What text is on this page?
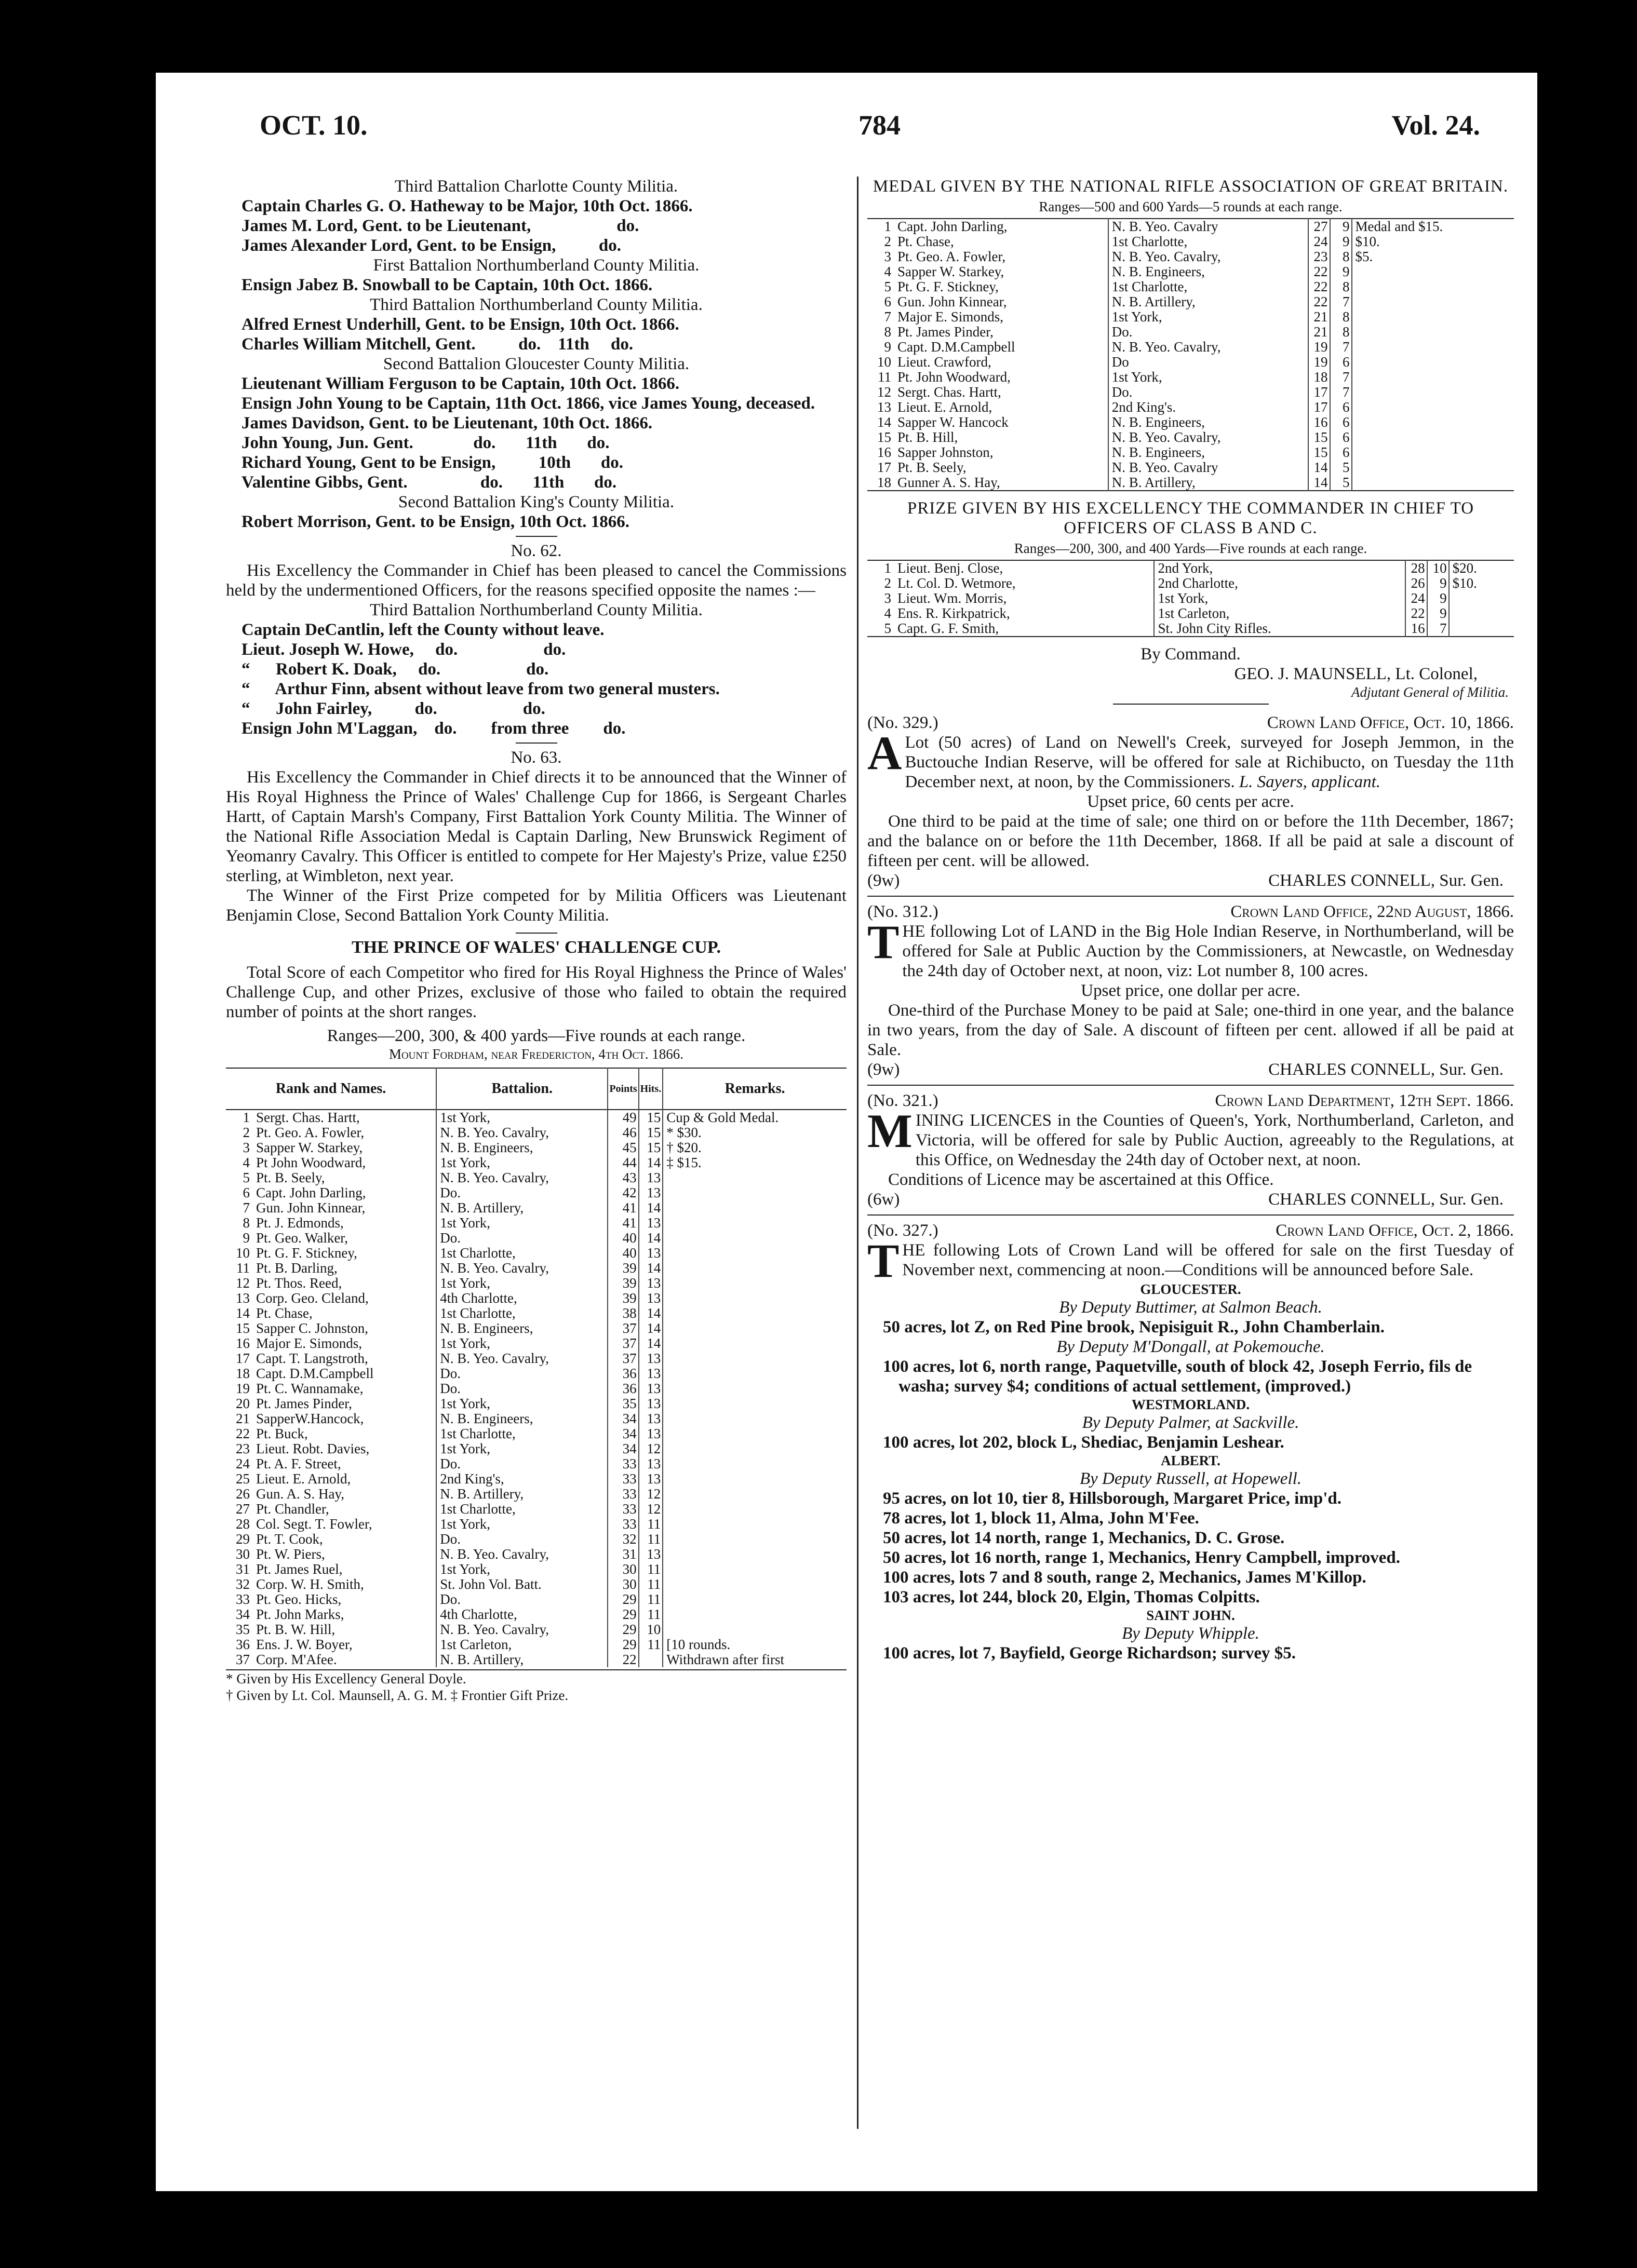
OCT. 10.	784	Vol. 24.

Third Battalion Charlotte County Militia.

Captain Charles G. O. Hatheway to be Major, 10th Oct. 1866.

James M. Lord, Gent. to be Lieutenant,                    do.

James Alexander Lord, Gent. to be Ensign,          do.

First Battalion Northumberland County Militia.

Ensign Jabez B. Snowball to be Captain, 10th Oct. 1866.

Third Battalion Northumberland County Militia.

Alfred Ernest Underhill, Gent. to be Ensign, 10th Oct. 1866.

Charles William Mitchell, Gent.          do.    11th     do.

Second Battalion Gloucester County Militia.

Lieutenant William Ferguson to be Captain, 10th Oct. 1866.

Ensign John Young to be Captain, 11th Oct. 1866, vice James Young, deceased.

James Davidson, Gent. to be Lieutenant, 10th Oct. 1866.

John Young, Jun. Gent.              do.       11th       do.

Richard Young, Gent to be Ensign,          10th       do.

Valentine Gibbs, Gent.                 do.       11th       do.

Second Battalion King's County Militia.

Robert Morrison, Gent. to be Ensign, 10th Oct. 1866.

No. 62.

His Excellency the Commander in Chief has been pleased to cancel the Commissions held by the undermentioned Officers, for the reasons specified opposite the names :—

Third Battalion Northumberland County Militia.

Captain DeCantlin, left the County without leave.

Lieut. Joseph W. Howe,     do.                    do.

“      Robert K. Doak,     do.                    do.

“      Arthur Finn, absent without leave from two general musters.

“      John Fairley,          do.                    do.

Ensign John M'Laggan,    do.        from three        do.

No. 63.

His Excellency the Commander in Chief directs it to be announced that the Winner of His Royal Highness the Prince of Wales' Challenge Cup for 1866, is Sergeant Charles Hartt, of Captain Marsh's Company, First Battalion York County Militia. The Winner of the National Rifle Association Medal is Captain Darling, New Brunswick Regiment of Yeomanry Cavalry. This Officer is entitled to compete for Her Majesty's Prize, value £250 sterling, at Wimbleton, next year.

The Winner of the First Prize competed for by Militia Officers was Lieutenant Benjamin Close, Second Battalion York County Militia.

THE PRINCE OF WALES' CHALLENGE CUP.

Total Score of each Competitor who fired for His Royal Highness the Prince of Wales' Challenge Cup, and other Prizes, exclusive of those who failed to obtain the required number of points at the short ranges.

Ranges—200, 300, & 400 yards—Five rounds at each range.

Mount Fordham, near Fredericton, 4th Oct. 1866.

Rank and Names.		Battalion.	Points	Hits.	Remarks.
1	Sergt. Chas. Hartt,	1st York,	49	15	Cup & Gold Medal.
2	Pt. Geo. A. Fowler,	N. B. Yeo. Cavalry,	46	15	* $30.
3	Sapper W. Starkey,	N. B. Engineers,	45	15	† $20.
4	Pt John Woodward,	1st York,	44	14	‡ $15.
5	Pt. B. Seely,	N. B. Yeo. Cavalry,	43	13	
6	Capt. John Darling,	Do.	42	13	
7	Gun. John Kinnear,	N. B. Artillery,	41	14	
8	Pt. J. Edmonds,	1st York,	41	13	
9	Pt. Geo. Walker,	Do.	40	14	
10	Pt. G. F. Stickney,	1st Charlotte,	40	13	
11	Pt. B. Darling,	N. B. Yeo. Cavalry,	39	14	
12	Pt. Thos. Reed,	1st York,	39	13	
13	Corp. Geo. Cleland,	4th Charlotte,	39	13	
14	Pt. Chase,	1st Charlotte,	38	14	
15	Sapper C. Johnston,	N. B. Engineers,	37	14	
16	Major E. Simonds,	1st York,	37	14	
17	Capt. T. Langstroth,	N. B. Yeo. Cavalry,	37	13	
18	Capt. D.M.Campbell	Do.	36	13	
19	Pt. C. Wannamake,	Do.	36	13	
20	Pt. James Pinder,	1st York,	35	13	
21	SapperW.Hancock,	N. B. Engineers,	34	13	
22	Pt. Buck,	1st Charlotte,	34	13	
23	Lieut. Robt. Davies,	1st York,	34	12	
24	Pt. A. F. Street,	Do.	33	13	
25	Lieut. E. Arnold,	2nd King's,	33	13	
26	Gun. A. S. Hay,	N. B. Artillery,	33	12	
27	Pt. Chandler,	1st Charlotte,	33	12	
28	Col. Segt. T. Fowler,	1st York,	33	11	
29	Pt. T. Cook,	Do.	32	11	
30	Pt. W. Piers,	N. B. Yeo. Cavalry,	31	13	
31	Pt. James Ruel,	1st York,	30	11	
32	Corp. W. H. Smith,	St. John Vol. Batt.	30	11	
33	Pt. Geo. Hicks,	Do.	29	11	
34	Pt. John Marks,	4th Charlotte,	29	11	
35	Pt. B. W. Hill,	N. B. Yeo. Cavalry,	29	10	
36	Ens. J. W. Boyer,	1st Carleton,	29	11	[10 rounds.
37	Corp. M'Afee.	N. B. Artillery,	22		Withdrawn after first

* Given by His Excellency General Doyle.

† Given by Lt. Col. Maunsell, A. G. M. ‡ Frontier Gift Prize.

MEDAL GIVEN BY THE NATIONAL RIFLE ASSOCIATION OF GREAT BRITAIN.

Ranges—500 and 600 Yards—5 rounds at each range.

1	Capt. John Darling,	N. B. Yeo. Cavalry	27	9	Medal and $15.
2	Pt. Chase,	1st Charlotte,	24	9	$10.
3	Pt. Geo. A. Fowler,	N. B. Yeo. Cavalry,	23	8	$5.
4	Sapper W. Starkey,	N. B. Engineers,	22	9	
5	Pt. G. F. Stickney,	1st Charlotte,	22	8	
6	Gun. John Kinnear,	N. B. Artillery,	22	7	
7	Major E. Simonds,	1st York,	21	8	
8	Pt. James Pinder,	Do.	21	8	
9	Capt. D.M.Campbell	N. B. Yeo. Cavalry,	19	7	
10	Lieut. Crawford,	Do	19	6	
11	Pt. John Woodward,	1st York,	18	7	
12	Sergt. Chas. Hartt,	Do.	17	7	
13	Lieut. E. Arnold,	2nd King's.	17	6	
14	Sapper W. Hancock	N. B. Engineers,	16	6	
15	Pt. B. Hill,	N. B. Yeo. Cavalry,	15	6	
16	Sapper Johnston,	N. B. Engineers,	15	6	
17	Pt. B. Seely,	N. B. Yeo. Cavalry	14	5	
18	Gunner A. S. Hay,	N. B. Artillery,	14	5	

PRIZE GIVEN BY HIS EXCELLENCY THE COMMANDER IN CHIEF TO OFFICERS OF CLASS B AND C.

Ranges—200, 300, and 400 Yards—Five rounds at each range.

1	Lieut. Benj. Close,	2nd York,	28	10	$20.
2	Lt. Col. D. Wetmore,	2nd Charlotte,	26	9	$10.
3	Lieut. Wm. Morris,	1st York,	24	9	
4	Ens. R. Kirkpatrick,	1st Carleton,	22	9	
5	Capt. G. F. Smith,	St. John City Rifles.	16	7	

By Command.

GEO. J. MAUNSELL, Lt. Colonel,

Adjutant General of Militia.

(No. 329.)	Crown Land Office, Oct. 10, 1866.

A Lot (50 acres) of Land on Newell's Creek, surveyed for Joseph Jemmon, in the Buctouche Indian Reserve, will be offered for sale at Richibucto, on Tuesday the 11th December next, at noon, by the Commissioners. L. Sayers, applicant.

Upset price, 60 cents per acre.

One third to be paid at the time of sale; one third on or before the 11th December, 1867; and the balance on or before the 11th December, 1868. If all be paid at sale a discount of fifteen per cent. will be allowed.

(9w)	CHARLES CONNELL, Sur. Gen.
(No. 312.)	Crown Land Office, 22nd August, 1866.

THE following Lot of LAND in the Big Hole Indian Reserve, in Northumberland, will be offered for Sale at Public Auction by the Commissioners, at Newcastle, on Wednesday the 24th day of October next, at noon, viz: Lot number 8, 100 acres.

Upset price, one dollar per acre.

One-third of the Purchase Money to be paid at Sale; one-third in one year, and the balance in two years, from the day of Sale. A discount of fifteen per cent. allowed if all be paid at Sale.

(9w)	CHARLES CONNELL, Sur. Gen.
(No. 321.)	Crown Land Department, 12th Sept. 1866.

MINING LICENCES in the Counties of Queen's, York, Northumberland, Carleton, and Victoria, will be offered for sale by Public Auction, agreeably to the Regulations, at this Office, on Wednesday the 24th day of October next, at noon.

Conditions of Licence may be ascertained at this Office.

(6w)	CHARLES CONNELL, Sur. Gen.
(No. 327.)	Crown Land Office, Oct. 2, 1866.

THE following Lots of Crown Land will be offered for sale on the first Tuesday of November next, commencing at noon.—Conditions will be announced before Sale.

GLOUCESTER.

By Deputy Buttimer, at Salmon Beach.

50 acres, lot Z, on Red Pine brook, Nepisiguit R., John Chamberlain.

By Deputy M'Dongall, at Pokemouche.

100 acres, lot 6, north range, Paquetville, south of block 42, Joseph Ferrio, fils de washa; survey $4; conditions of actual settlement, (improved.)

WESTMORLAND.

By Deputy Palmer, at Sackville.

100 acres, lot 202, block L, Shediac, Benjamin Leshear.

ALBERT.

By Deputy Russell, at Hopewell.

95 acres, on lot 10, tier 8, Hillsborough, Margaret Price, imp'd.

78 acres, lot 1, block 11, Alma, John M'Fee.

50 acres, lot 14 north, range 1, Mechanics, D. C. Grose.

50 acres, lot 16 north, range 1, Mechanics, Henry Campbell, improved.

100 acres, lots 7 and 8 south, range 2, Mechanics, James M'Killop.

103 acres, lot 244, block 20, Elgin, Thomas Colpitts.

SAINT JOHN.

By Deputy Whipple.

100 acres, lot 7, Bayfield, George Richardson; survey $5.
